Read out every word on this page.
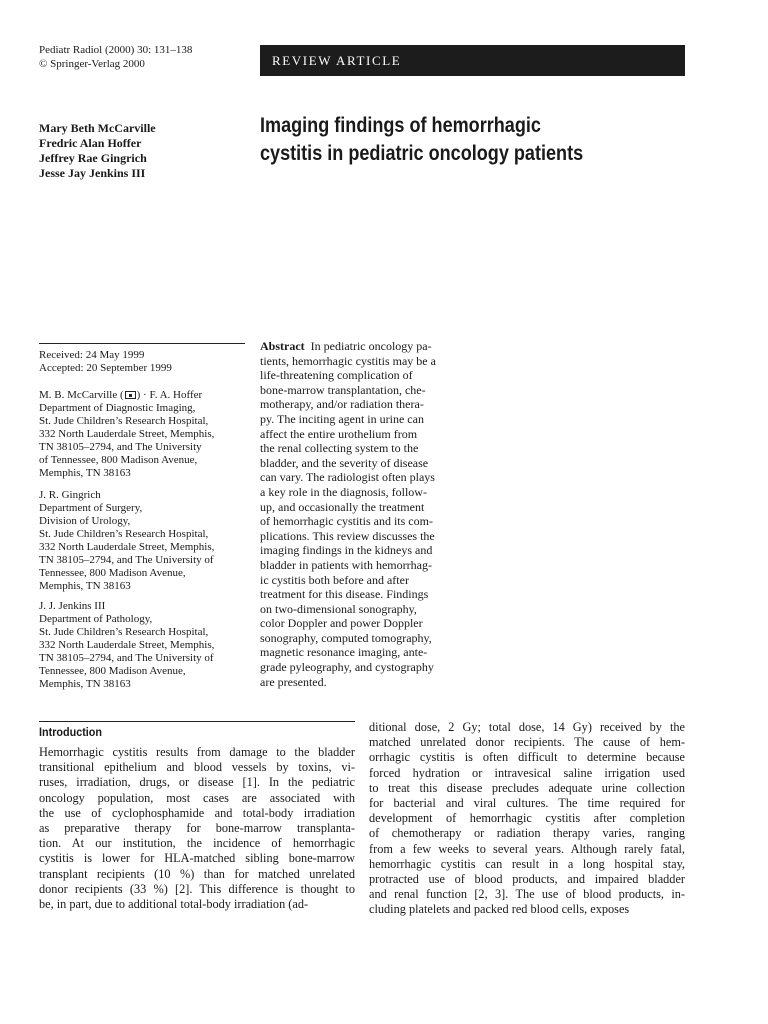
Pediatr Radiol (2000) 30: 131–138
© Springer-Verlag 2000	REVIEW ARTICLE
Mary Beth McCarville
Fredric Alan Hoffer
Jeffrey Rae Gingrich
Jesse Jay Jenkins III
Imaging findings of hemorrhagic
cystitis in pediatric oncology patients
Received: 24 May 1999
Accepted: 20 September 1999
M. B. McCarville ( ) · F. A. Hoffer
Department of Diagnostic Imaging,
St. Jude Children’s Research Hospital,
332 North Lauderdale Street, Memphis,
TN 38105–2794, and The University
of Tennessee, 800 Madison Avenue,
Memphis, TN 38163
J. R. Gingrich
Department of Surgery,
Division of Urology,
St. Jude Children’s Research Hospital,
332 North Lauderdale Street, Memphis,
TN 38105–2794, and The University of
Tennessee, 800 Madison Avenue,
Memphis, TN 38163
J. J. Jenkins III
Department of Pathology,
St. Jude Children’s Research Hospital,
332 North Lauderdale Street, Memphis,
TN 38105–2794, and The University of
Tennessee, 800 Madison Avenue,
Memphis, TN 38163
Abstract In pediatric oncology pa-
tients, hemorrhagic cystitis may be a
life-threatening complication of
bone-marrow transplantation, che-
motherapy, and/or radiation thera-
py. The inciting agent in urine can
affect the entire urothelium from
the renal collecting system to the
bladder, and the severity of disease
can vary. The radiologist often plays
a key role in the diagnosis, follow-
up, and occasionally the treatment
of hemorrhagic cystitis and its com-
plications. This review discusses the
imaging findings in the kidneys and
bladder in patients with hemorrhag-
ic cystitis both before and after
treatment for this disease. Findings
on two-dimensional sonography,
color Doppler and power Doppler
sonography, computed tomography,
magnetic resonance imaging, ante-
grade pyleography, and cystography
are presented.
Introduction
Hemorrhagic cystitis results from damage to the bladder
transitional epithelium and blood vessels by toxins, vi-
ruses, irradiation, drugs, or disease [1]. In the pediatric
oncology population, most cases are associated with
the use of cyclophosphamide and total-body irradiation
as preparative therapy for bone-marrow transplanta-
tion. At our institution, the incidence of hemorrhagic
cystitis is lower for HLA-matched sibling bone-marrow
transplant recipients (10 %) than for matched unrelated
donor recipients (33 %) [2]. This difference is thought to
be, in part, due to additional total-body irradiation (ad-
ditional dose, 2 Gy; total dose, 14 Gy) received by the
matched unrelated donor recipients. The cause of hem-
orrhagic cystitis is often difficult to determine because
forced hydration or intravesical saline irrigation used
to treat this disease precludes adequate urine collection
for bacterial and viral cultures. The time required for
development of hemorrhagic cystitis after completion
of chemotherapy or radiation therapy varies, ranging
from a few weeks to several years. Although rarely fatal,
hemorrhagic cystitis can result in a long hospital stay,
protracted use of blood products, and impaired bladder
and renal function [2, 3]. The use of blood products, in-
cluding platelets and packed red blood cells, exposes
